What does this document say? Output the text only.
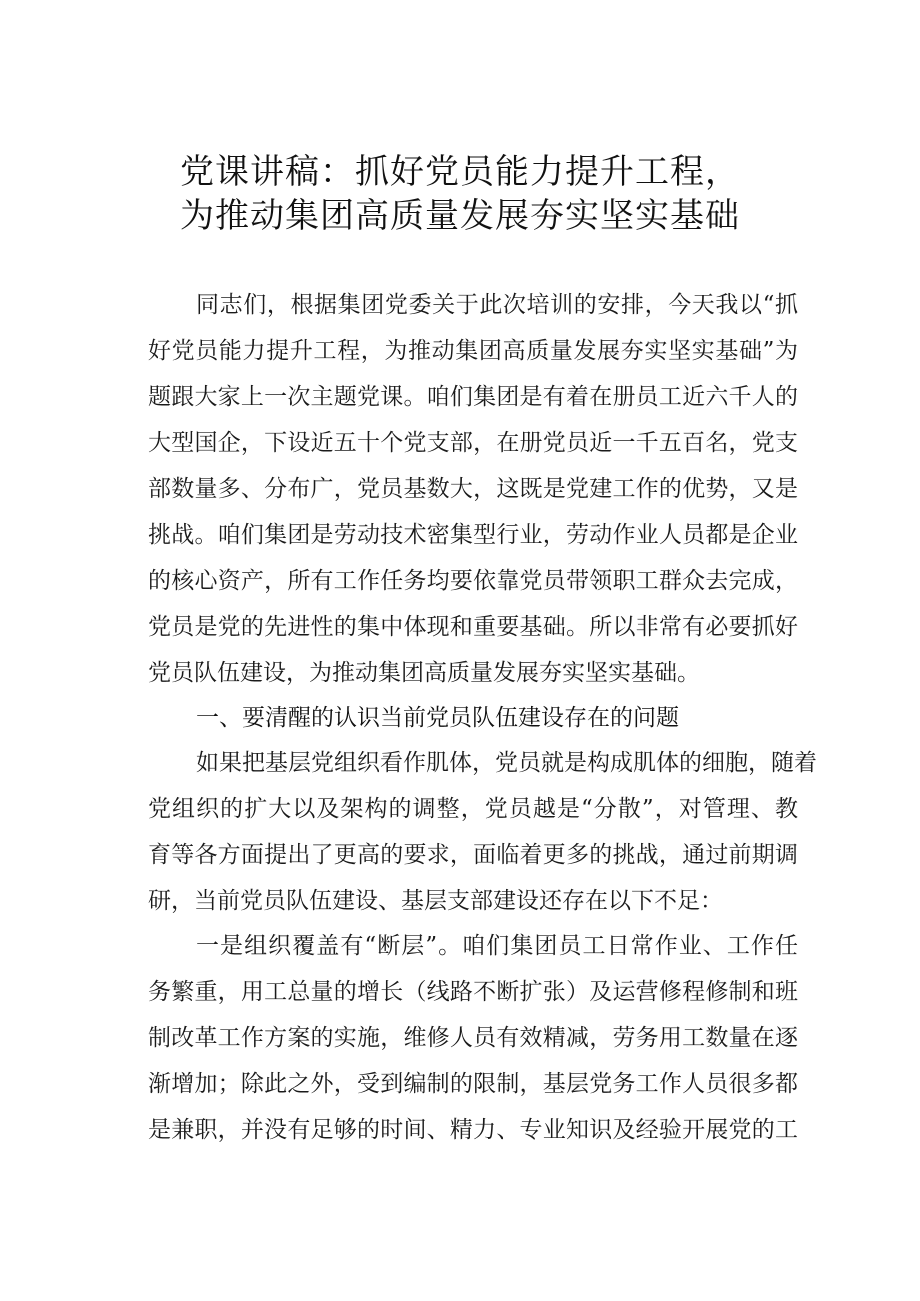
党课讲稿：抓好党员能力提升工程，
为推动集团高质量发展夯实坚实基础
同志们，根据集团党委关于此次培训的安排，今天我以“抓
好党员能力提升工程，为推动集团高质量发展夯实坚实基础”为
题跟大家上一次主题党课。咱们集团是有着在册员工近六千人的
大型国企，下设近五十个党支部，在册党员近一千五百名，党支
部数量多、分布广，党员基数大，这既是党建工作的优势，又是
挑战。咱们集团是劳动技术密集型行业，劳动作业人员都是企业
的核心资产，所有工作任务均要依靠党员带领职工群众去完成，
党员是党的先进性的集中体现和重要基础。所以非常有必要抓好
党员队伍建设，为推动集团高质量发展夯实坚实基础。
一、要清醒的认识当前党员队伍建设存在的问题
如果把基层党组织看作肌体，党员就是构成肌体的细胞，随着
党组织的扩大以及架构的调整，党员越是“分散”，对管理、教
育等各方面提出了更高的要求，面临着更多的挑战，通过前期调
研，当前党员队伍建设、基层支部建设还存在以下不足：
一是组织覆盖有“断层”。咱们集团员工日常作业、工作任
务繁重，用工总量的增长（线路不断扩张）及运营修程修制和班
制改革工作方案的实施，维修人员有效精减，劳务用工数量在逐
渐增加；除此之外，受到编制的限制，基层党务工作人员很多都
是兼职，并没有足够的时间、精力、专业知识及经验开展党的工
